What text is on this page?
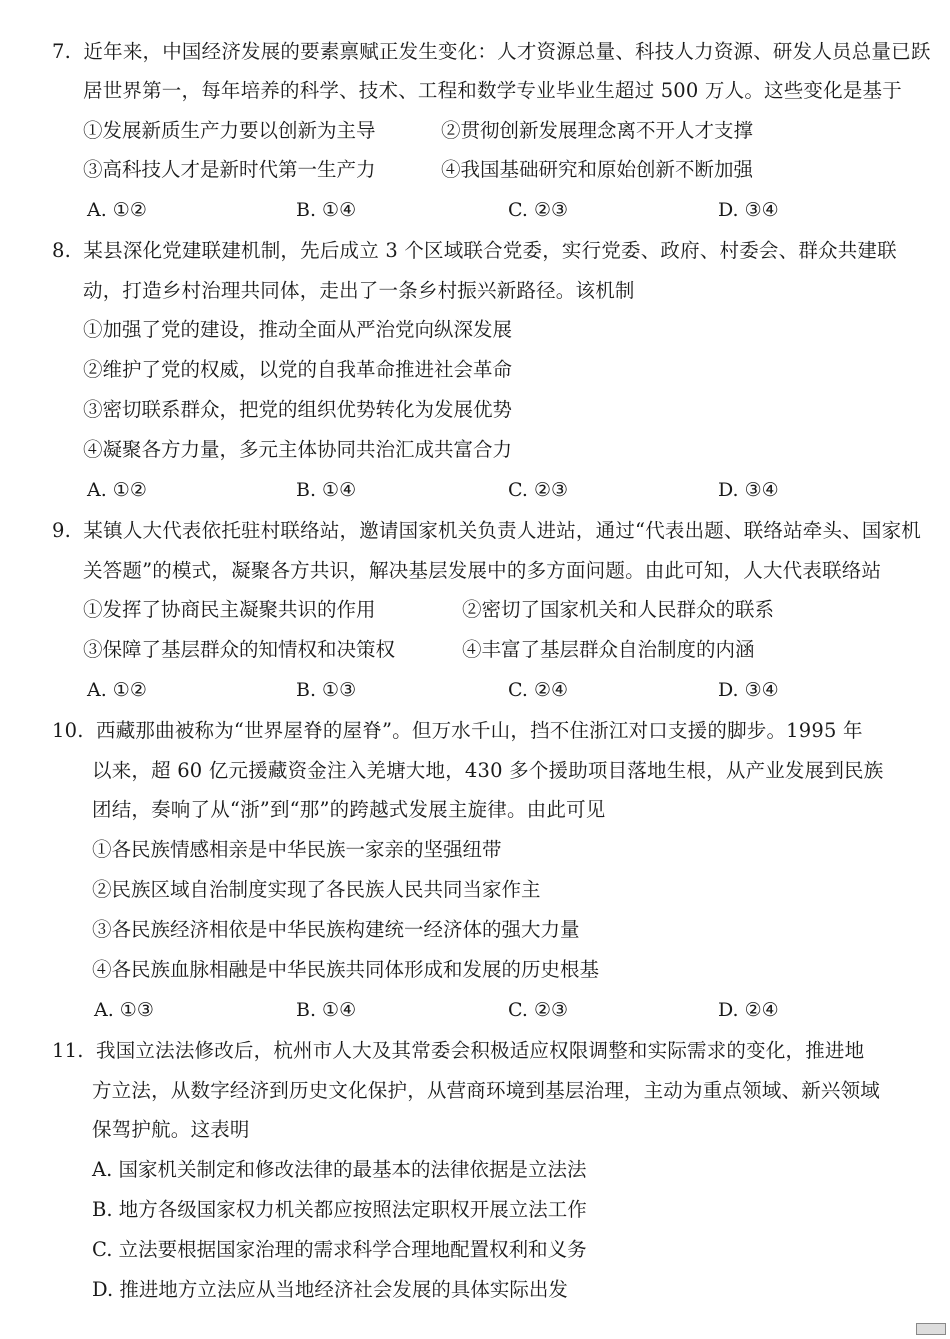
7. 近年来，中国经济发展的要素禀赋正发生变化：人才资源总量、科技人力资源、研发人员总量已跃
居世界第一，每年培养的科学、技术、工程和数学专业毕业生超过 500 万人。这些变化是基于
①发展新质生产力要以创新为主导	②贯彻创新发展理念离不开人才支撑
③高科技人才是新时代第一生产力	④我国基础研究和原始创新不断加强
A. ①②	B. ①④	C. ②③	D. ③④
8. 某县深化党建联建机制，先后成立 3 个区域联合党委，实行党委、政府、村委会、群众共建联
动，打造乡村治理共同体，走出了一条乡村振兴新路径。该机制
①加强了党的建设，推动全面从严治党向纵深发展
②维护了党的权威，以党的自我革命推进社会革命
③密切联系群众，把党的组织优势转化为发展优势
④凝聚各方力量，多元主体协同共治汇成共富合力
A. ①②	B. ①④	C. ②③	D. ③④
9. 某镇人大代表依托驻村联络站，邀请国家机关负责人进站，通过“代表出题、联络站牵头、国家机
关答题”的模式，凝聚各方共识，解决基层发展中的多方面问题。由此可知，人大代表联络站
①发挥了协商民主凝聚共识的作用	②密切了国家机关和人民群众的联系
③保障了基层群众的知情权和决策权	④丰富了基层群众自治制度的内涵
A. ①②	B. ①③	C. ②④	D. ③④
10. 西藏那曲被称为“世界屋脊的屋脊”。但万水千山，挡不住浙江对口支援的脚步。1995 年
以来，超 60 亿元援藏资金注入羌塘大地，430 多个援助项目落地生根，从产业发展到民族
团结，奏响了从“浙”到“那”的跨越式发展主旋律。由此可见
①各民族情感相亲是中华民族一家亲的坚强纽带
②民族区域自治制度实现了各民族人民共同当家作主
③各民族经济相依是中华民族构建统一经济体的强大力量
④各民族血脉相融是中华民族共同体形成和发展的历史根基
A. ①③	B. ①④	C. ②③	D. ②④
11. 我国立法法修改后，杭州市人大及其常委会积极适应权限调整和实际需求的变化，推进地
方立法，从数字经济到历史文化保护，从营商环境到基层治理，主动为重点领域、新兴领域
保驾护航。这表明
A. 国家机关制定和修改法律的最基本的法律依据是立法法
B. 地方各级国家权力机关都应按照法定职权开展立法工作
C. 立法要根据国家治理的需求科学合理地配置权利和义务
D. 推进地方立法应从当地经济社会发展的具体实际出发
